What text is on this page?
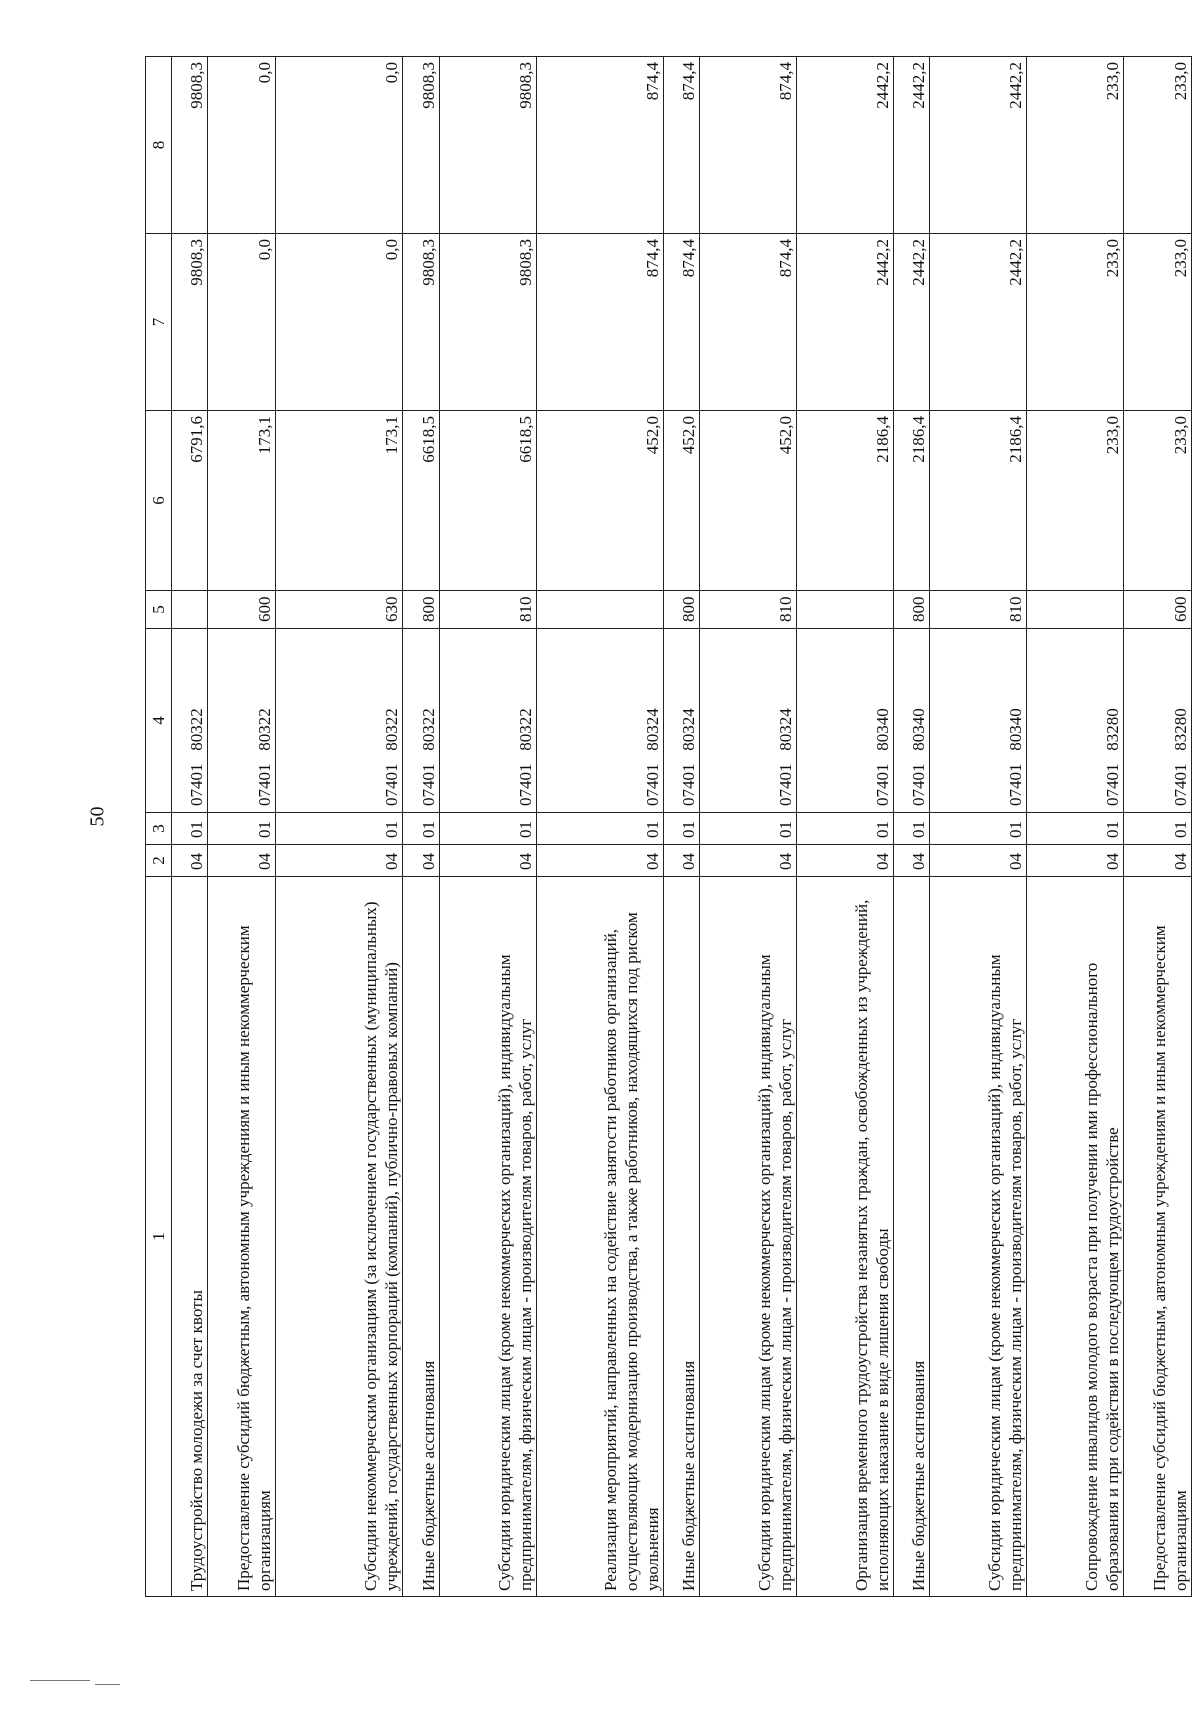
50
1	2	3	4	5	6	7	8
Трудоустройство молодежи за счет квоты	04	01	07401   80322		6791,6	9808,3	9808,3
Предоставление субсидий бюджетным, автономным учреждениям и иным некоммерческим организациям	04	01	07401   80322	600	173,1	0,0	0,0
Субсидии некоммерческим организациям (за исключением государственных (муниципальных) учреждений, государственных корпораций (компаний), публично-правовых компаний)	04	01	07401   80322	630	173,1	0,0	0,0
Иные бюджетные ассигнования	04	01	07401   80322	800	6618,5	9808,3	9808,3
Субсидии юридическим лицам (кроме некоммерческих организаций), индивидуальным предпринимателям, физическим лицам - производителям товаров, работ, услуг	04	01	07401   80322	810	6618,5	9808,3	9808,3
Реализация мероприятий, направленных на содействие занятости работников организаций, осуществляющих модернизацию производства, а также работников, находящихся под риском увольнения	04	01	07401   80324		452,0	874,4	874,4
Иные бюджетные ассигнования	04	01	07401   80324	800	452,0	874,4	874,4
Субсидии юридическим лицам (кроме некоммерческих организаций), индивидуальным предпринимателям, физическим лицам - производителям товаров, работ, услуг	04	01	07401   80324	810	452,0	874,4	874,4
Организация временного трудоустройства незанятых граждан, освобожденных из учреждений, исполняющих наказание в виде лишения свободы	04	01	07401   80340		2186,4	2442,2	2442,2
Иные бюджетные ассигнования	04	01	07401   80340	800	2186,4	2442,2	2442,2
Субсидии юридическим лицам (кроме некоммерческих организаций), индивидуальным предпринимателям, физическим лицам - производителям товаров, работ, услуг	04	01	07401   80340	810	2186,4	2442,2	2442,2
Сопровождение инвалидов молодого возраста при получении ими профессионального образования и при содействии в последующем трудоустройстве	04	01	07401   83280		233,0	233,0	233,0
Предоставление субсидий бюджетным, автономным учреждениям и иным некоммерческим организациям	04	01	07401   83280	600	233,0	233,0	233,0
